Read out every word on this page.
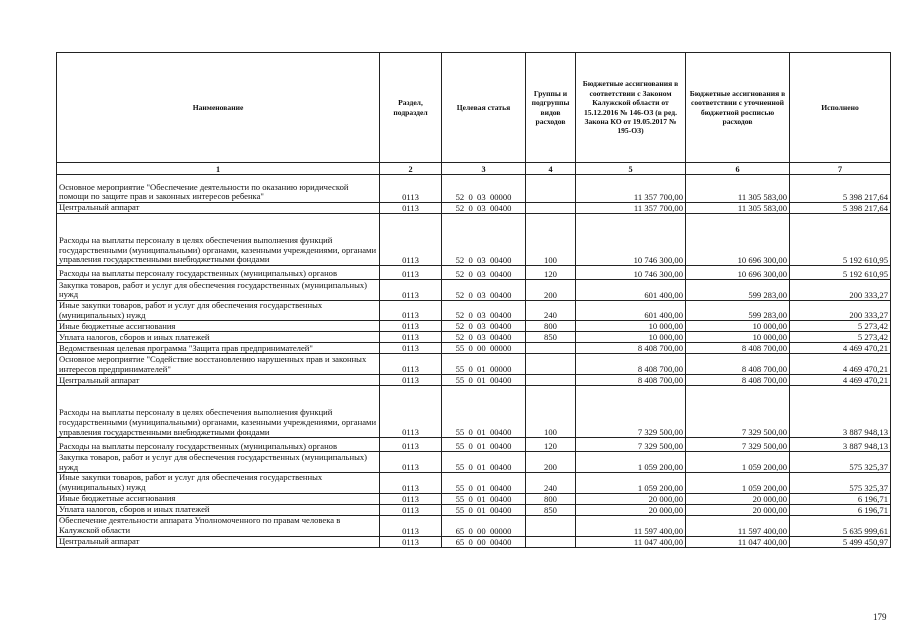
Наименование	Раздел, подраздел	Целевая статья	Группы и подгруппы видов расходов	Бюджетные ассигнования в соответствии с Законом Калужской области от 15.12.2016 № 146-ОЗ (в ред. Закона КО от 19.05.2017 № 195-ОЗ)	Бюджетные ассигнования в соответствии с уточненной бюджетной росписью расходов	Исполнено
1	2	3	4	5	6	7
Основное мероприятие "Обеспечение деятельности по оказанию юридической помощи по защите прав и законных интересов ребенка"	0113	52  0  03  00000		11 357 700,00	11 305 583,00	5 398 217,64
Центральный аппарат	0113	52  0  03  00400		11 357 700,00	11 305 583,00	5 398 217,64
Расходы на выплаты персоналу в целях обеспечения выполнения функций государственными (муниципальными) органами, казенными учреждениями, органами управления государственными внебюджетными фондами	0113	52  0  03  00400	100	10 746 300,00	10 696 300,00	5 192 610,95
Расходы на выплаты персоналу государственных (муниципальных) органов	0113	52  0  03  00400	120	10 746 300,00	10 696 300,00	5 192 610,95
Закупка товаров, работ и услуг для обеспечения государственных (муниципальных) нужд	0113	52  0  03  00400	200	601 400,00	599 283,00	200 333,27
Иные закупки товаров, работ и услуг для обеспечения государственных (муниципальных) нужд	0113	52  0  03  00400	240	601 400,00	599 283,00	200 333,27
Иные бюджетные ассигнования	0113	52  0  03  00400	800	10 000,00	10 000,00	5 273,42
Уплата налогов, сборов и иных платежей	0113	52  0  03  00400	850	10 000,00	10 000,00	5 273,42
Ведомственная целевая программа "Защита прав предпринимателей"	0113	55  0  00  00000		8 408 700,00	8 408 700,00	4 469 470,21
Основное мероприятие "Содействие восстановлению нарушенных прав и законных интересов предпринимателей"	0113	55  0  01  00000		8 408 700,00	8 408 700,00	4 469 470,21
Центральный аппарат	0113	55  0  01  00400		8 408 700,00	8 408 700,00	4 469 470,21
Расходы на выплаты персоналу в целях обеспечения выполнения функций государственными (муниципальными) органами, казенными учреждениями, органами управления государственными внебюджетными фондами	0113	55  0  01  00400	100	7 329 500,00	7 329 500,00	3 887 948,13
Расходы на выплаты персоналу государственных (муниципальных) органов	0113	55  0  01  00400	120	7 329 500,00	7 329 500,00	3 887 948,13
Закупка товаров, работ и услуг для обеспечения государственных (муниципальных) нужд	0113	55  0  01  00400	200	1 059 200,00	1 059 200,00	575 325,37
Иные закупки товаров, работ и услуг для обеспечения государственных (муниципальных) нужд	0113	55  0  01  00400	240	1 059 200,00	1 059 200,00	575 325,37
Иные бюджетные ассигнования	0113	55  0  01  00400	800	20 000,00	20 000,00	6 196,71
Уплата налогов, сборов и иных платежей	0113	55  0  01  00400	850	20 000,00	20 000,00	6 196,71
Обеспечение деятельности аппарата Уполномоченного по правам человека в Калужской области	0113	65  0  00  00000		11 597 400,00	11 597 400,00	5 635 999,61
Центральный аппарат	0113	65  0  00  00400		11 047 400,00	11 047 400,00	5 499 450,97
179
